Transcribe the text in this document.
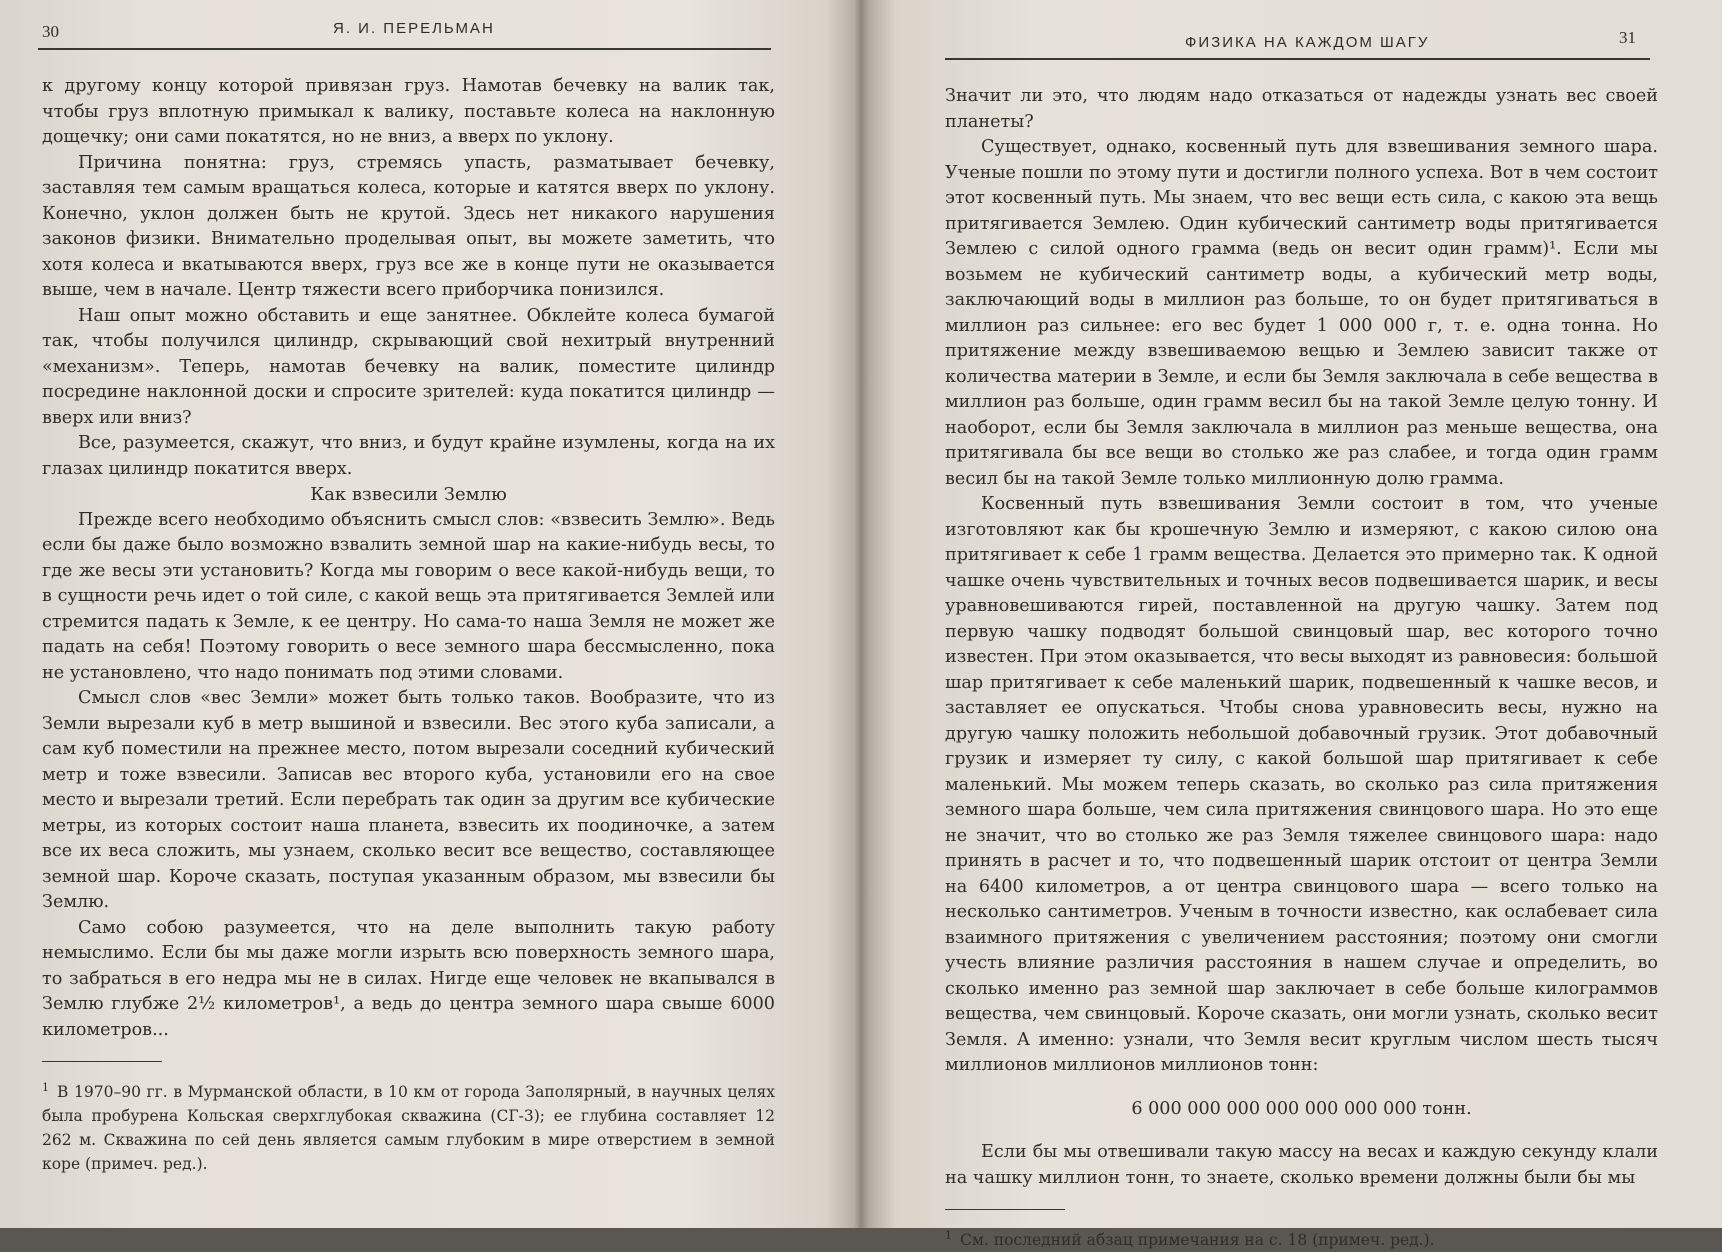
30	Я. И. ПЕРЕЛЬМАН

к другому концу которой привязан груз. Намотав бечевку на валик так, чтобы груз вплотную примыкал к валику, поставьте колеса на наклонную дощечку; они сами покатятся, но не вниз, а вверх по уклону.

Причина понятна: груз, стремясь упасть, разматывает бечевку, заставляя тем самым вращаться колеса, которые и катятся вверх по уклону. Конечно, уклон должен быть не крутой. Здесь нет никакого нарушения законов физики. Внимательно проделывая опыт, вы можете заметить, что хотя колеса и вкатываются вверх, груз все же в конце пути не оказывается выше, чем в начале. Центр тяжести всего приборчика понизился.

Наш опыт можно обставить и еще занятнее. Обклейте колеса бумагой так, чтобы получился цилиндр, скрывающий свой нехитрый внутренний «механизм». Теперь, намотав бечевку на валик, поместите цилиндр посредине наклонной доски и спросите зрителей: куда покатится цилиндр — вверх или вниз?

Все, разумеется, скажут, что вниз, и будут крайне изумлены, когда на их глазах цилиндр покатится вверх.

Как взвесили Землю

Прежде всего необходимо объяснить смысл слов: «взвесить Землю». Ведь если бы даже было возможно взвалить земной шар на какие-нибудь весы, то где же весы эти установить? Когда мы говорим о весе какой-нибудь вещи, то в сущности речь идет о той силе, с какой вещь эта притягивается Землей или стремится падать к Земле, к ее центру. Но сама-то наша Земля не может же падать на себя! Поэтому говорить о весе земного шара бессмысленно, пока не установлено, что надо понимать под этими словами.

Смысл слов «вес Земли» может быть только таков. Вообразите, что из Земли вырезали куб в метр вышиной и взвесили. Вес этого куба записали, а сам куб поместили на прежнее место, потом вырезали соседний кубический метр и тоже взвесили. Записав вес второго куба, установили его на свое место и вырезали третий. Если перебрать так один за другим все кубические метры, из которых состоит наша планета, взвесить их поодиночке, а затем все их веса сложить, мы узнаем, сколько весит все вещество, составляющее земной шар. Короче сказать, поступая указанным образом, мы взвесили бы Землю.

Само собою разумеется, что на деле выполнить такую работу немыслимо. Если бы мы даже могли изрыть всю поверхность земного шара, то забраться в его недра мы не в силах. Нигде еще человек не вкапывался в Землю глубже 2½ километров¹, а ведь до центра земного шара свыше 6000 километров...

$^1$ В 1970–90 гг. в Мурманской области, в 10 км от города Заполярный, в научных целях была пробурена Кольская сверхглубокая скважина (СГ-3); ее глубина составляет 12 262 м. Скважина по сей день является самым глубоким в мире отверстием в земной коре (примеч. ред.).
ФИЗИКА НА КАЖДОМ ШАГУ	31

Значит ли это, что людям надо отказаться от надежды узнать вес своей планеты?

Существует, однако, косвенный путь для взвешивания земного шара. Ученые пошли по этому пути и достигли полного успеха. Вот в чем состоит этот косвенный путь. Мы знаем, что вес вещи есть сила, с какою эта вещь притягивается Землею. Один кубический сантиметр воды притягивается Землею с силой одного грамма (ведь он весит один грамм)¹. Если мы возьмем не кубический сантиметр воды, а кубический метр воды, заключающий воды в миллион раз больше, то он будет притягиваться в миллион раз сильнее: его вес будет 1 000 000 г, т. е. одна тонна. Но притяжение между взвешиваемою вещью и Землею зависит также от количества материи в Земле, и если бы Земля заключала в себе вещества в миллион раз больше, один грамм весил бы на такой Земле целую тонну. И наоборот, если бы Земля заключала в миллион раз меньше вещества, она притягивала бы все вещи во столько же раз слабее, и тогда один грамм весил бы на такой Земле только миллионную долю грамма.

Косвенный путь взвешивания Земли состоит в том, что ученые изготовляют как бы крошечную Землю и измеряют, с какою силою она притягивает к себе 1 грамм вещества. Делается это примерно так. К одной чашке очень чувствительных и точных весов подвешивается шарик, и весы уравновешиваются гирей, поставленной на другую чашку. Затем под первую чашку подводят большой свинцовый шар, вес которого точно известен. При этом оказывается, что весы выходят из равновесия: большой шар притягивает к себе маленький шарик, подвешенный к чашке весов, и заставляет ее опускаться. Чтобы снова уравновесить весы, нужно на другую чашку положить небольшой добавочный грузик. Этот добавочный грузик и измеряет ту силу, с какой большой шар притягивает к себе маленький. Мы можем теперь сказать, во сколько раз сила притяжения земного шара больше, чем сила притяжения свинцового шара. Но это еще не значит, что во столько же раз Земля тяжелее свинцового шара: надо принять в расчет и то, что подвешенный шарик отстоит от центра Земли на 6400 километров, а от центра свинцового шара — всего только на несколько сантиметров. Ученым в точности известно, как ослабевает сила взаимного притяжения с увеличением расстояния; поэтому они смогли учесть влияние различия расстояния в нашем случае и определить, во сколько именно раз земной шар заключает в себе больше килограммов вещества, чем свинцовый. Короче сказать, они могли узнать, сколько весит Земля. А именно: узнали, что Земля весит круглым числом шесть тысяч миллионов миллионов миллионов тонн:

6 000 000 000 000 000 000 000 тонн.

Если бы мы отвешивали такую массу на весах и каждую секунду клали на чашку миллион тонн, то знаете, сколько времени должны были бы мы

$^1$ См. последний абзац примечания на с. 18 (примеч. ред.).
